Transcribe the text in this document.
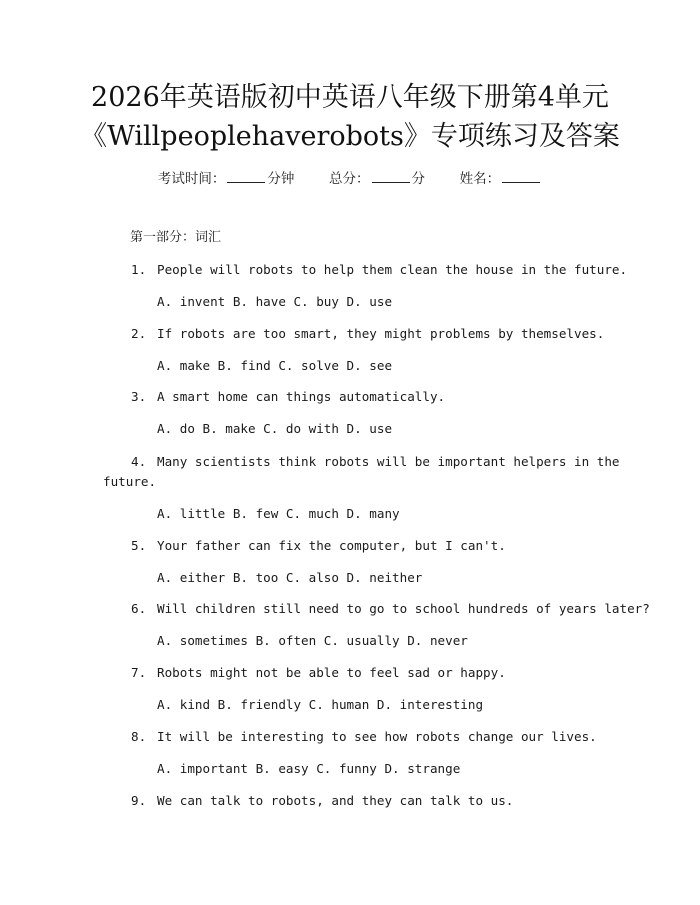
2026年英语版初中英语八年级下册第4单元
《Willpeoplehaverobots》专项练习及答案
考试时间：	分钟	总分：	分	姓名：
第一部分：词汇
1. People will robots to help them clean the house in the future.
A. invent B. have C. buy D. use
2. If robots are too smart, they might problems by themselves.
A. make B. find C. solve D. see
3. A smart home can things automatically.
A. do B. make C. do with D. use
4. Many scientists think robots will be important helpers in the
future.
A. little B. few C. much D. many
5. Your father can fix the computer, but I can't.
A. either B. too C. also D. neither
6. Will children still need to go to school hundreds of years later?
A. sometimes B. often C. usually D. never
7. Robots might not be able to feel sad or happy.
A. kind B. friendly C. human D. interesting
8. It will be interesting to see how robots change our lives.
A. important B. easy C. funny D. strange
9. We can talk to robots, and they can talk to us.
